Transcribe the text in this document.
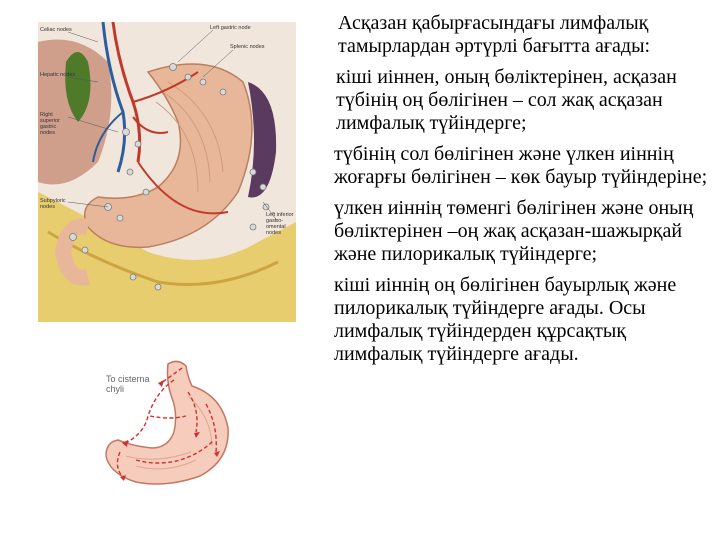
Celiac nodes
Hepatic nodes
Right superior gastric nodes
Subpyloric nodes
Left gastric node
Splenic nodes
Left inferior gastro-omental nodes
To cisterna
chyli

Асқазан қабырғасындағы лимфалық тамырлардан әртүрлі бағытта ағады:

кіші иіннен, оның бөліктерінен, асқазан түбінің оң бөлігінен – сол жақ асқазан лимфалық түйіндерге;

түбінің сол бөлігінен және үлкен иіннің жоғарғы бөлігінен – көк бауыр түйіндеріне;

үлкен иіннің төменгі бөлігінен және оның бөліктерінен –оң жақ асқазан-шажырқай және пилорикалық түйіндерге;

кіші иіннің оң бөлігінен бауырлық және пилорикалық түйіндерге ағады. Осы лимфалық түйіндерден құрсақтық лимфалық түйіндерге ағады.
